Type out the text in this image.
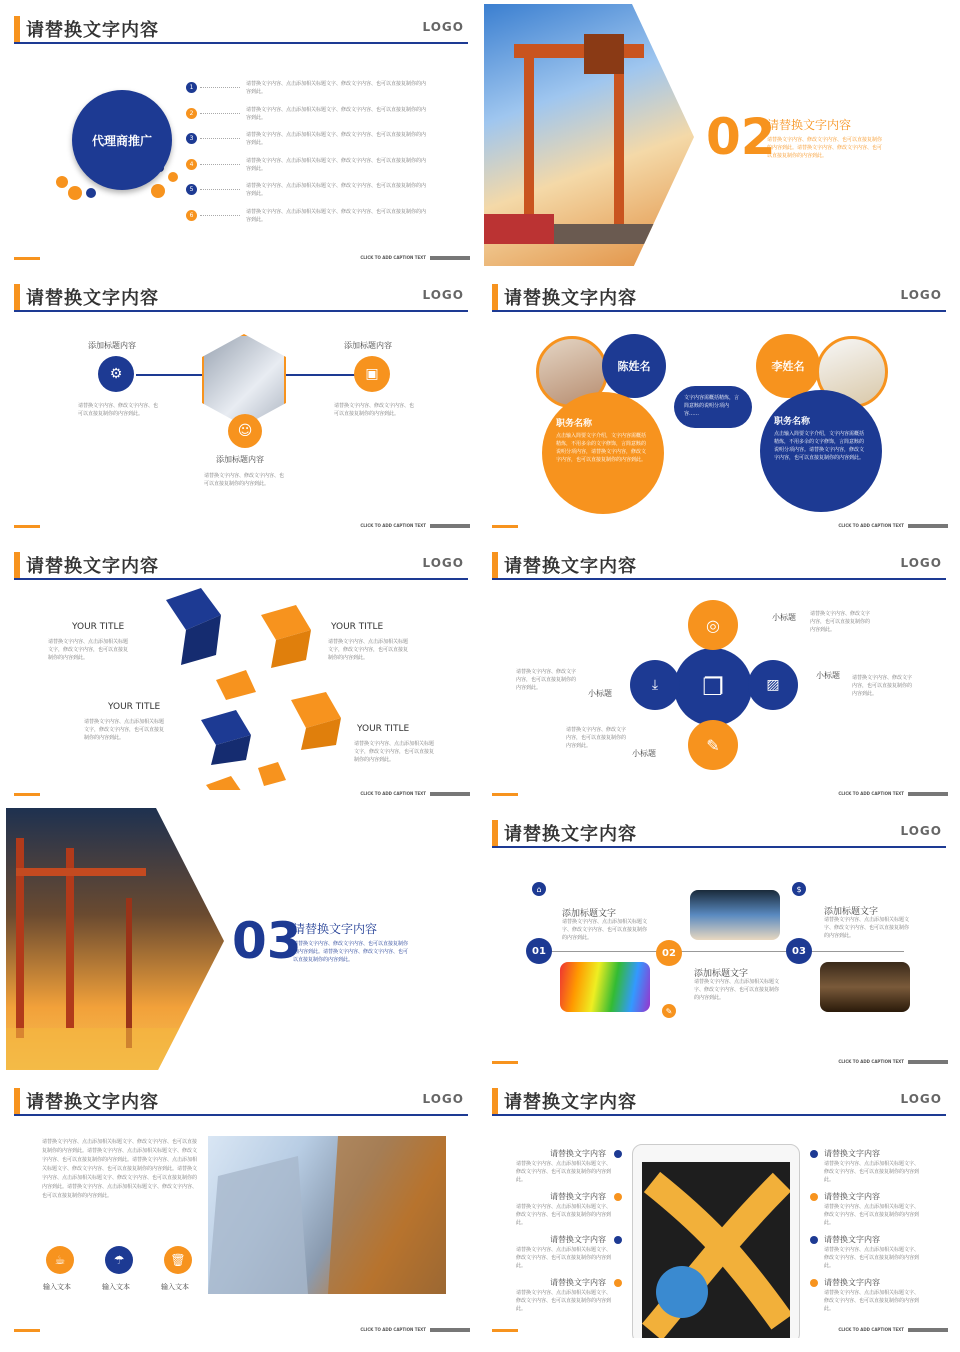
请替换文字内容	LOGO
代理商推广
1	请替换文字内容、点击添加相关标题文字、修改文字内容、也可以直接复制你的内容到此。
2	请替换文字内容、点击添加相关标题文字、修改文字内容、也可以直接复制你的内容到此。
3	请替换文字内容、点击添加相关标题文字、修改文字内容、也可以直接复制你的内容到此。
4	请替换文字内容、点击添加相关标题文字、修改文字内容、也可以直接复制你的内容到此。
5	请替换文字内容、点击添加相关标题文字、修改文字内容、也可以直接复制你的内容到此。
6	请替换文字内容、点击添加相关标题文字、修改文字内容、也可以直接复制你的内容到此。
CLICK TO ADD CAPTION TEXT
02
请替换文字内容
请替换文字内容、修改文字内容、也可以直接复制你的内容到此。请替换文字内容、修改文字内容、也可以直接复制你的内容到此。
请替换文字内容	LOGO
添加标题内容
⚙
请替换文字内容、修改文字内容、也可以直接复制你的内容到此。
添加标题内容
▣
请替换文字内容、修改文字内容、也可以直接复制你的内容到此。
☺
添加标题内容
请替换文字内容、修改文字内容、也可以直接复制你的内容到此。
CLICK TO ADD CAPTION TEXT
请替换文字内容	LOGO
陈姓名
职务名称
点击输入简要文字介绍，文字内容需概括精炼，不用多余的文字修饰，言简意赅的说明分项内容，请替换文字内容，修改文字内容，也可以直接复制你的内容到此。
文字内容需概括精炼，言简意赅的说明分项内容……
李姓名
职务名称
点击输入简要文字介绍，文字内容需概括精炼，不用多余的文字修饰，言简意赅的说明分项内容。请替换文字内容，修改文字内容，也可以直接复制你的内容到此。
CLICK TO ADD CAPTION TEXT
请替换文字内容	LOGO
YOUR TITLE
请替换文字内容、点击添加相关标题文字，修改文字内容，也可以直接复制你的内容到此。
YOUR TITLE
请替换文字内容、点击添加相关标题文字，修改文字内容，也可以直接复制你的内容到此。
YOUR TITLE
请替换文字内容、点击添加相关标题文字，修改文字内容，也可以直接复制你的内容到此。
YOUR TITLE
请替换文字内容、点击添加相关标题文字，修改文字内容，也可以直接复制你的内容到此。
CLICK TO ADD CAPTION TEXT
请替换文字内容	LOGO
❐
◎
⤓	▨
✎
小标题	请替换文字内容、修改文字内容，也可以直接复制你的内容到此。
小标题 请替换文字内容、修改文字内容，也可以直接复制你的内容到此。
小标题
请替换文字内容、修改文字内容，也可以直接复制你的内容到此。
小标题
请替换文字内容、修改文字内容，也可以直接复制你的内容到此。
CLICK TO ADD CAPTION TEXT
03
请替换文字内容
请替换文字内容、修改文字内容、也可以直接复制你的内容到此。请替换文字内容、修改文字内容、也可以直接复制你的内容到此。
请替换文字内容	LOGO
01	02	03
⌂	$
✎
添加标题文字
请替换文字内容、点击添加相关标题文字、修改文字内容、也可以直接复制你的内容到此。
添加标题文字
请替换文字内容、点击添加相关标题文字、修改文字内容、也可以直接复制你的内容到此。
添加标题文字
请替换文字内容、点击添加相关标题文字、修改文字内容、也可以直接复制你的内容到此。
CLICK TO ADD CAPTION TEXT
请替换文字内容	LOGO
请替换文字内容、点击添加相关标题文字、修改文字内容、也可以直接复制你的内容到此。请替换文字内容、点击添加相关标题文字、修改文字内容、也可以直接复制你的内容到此。请替换文字内容、点击添加相关标题文字、修改文字内容、也可以直接复制你的内容到此。请替换文字内容、点击添加相关标题文字、修改文字内容、也可以直接复制你的内容到此。请替换文字内容、点击添加相关标题文字、修改文字内容、也可以直接复制你的内容到此。
☕	☂	🗑
输入文本	输入文本	输入文本
CLICK TO ADD CAPTION TEXT
请替换文字内容	LOGO
请替换文字内容
请替换文字内容、点击添加相关标题文字、修改文字内容、也可以直接复制你的内容到此。
请替换文字内容
请替换文字内容、点击添加相关标题文字、修改文字内容、也可以直接复制你的内容到此。
请替换文字内容
请替换文字内容、点击添加相关标题文字、修改文字内容、也可以直接复制你的内容到此。
请替换文字内容
请替换文字内容、点击添加相关标题文字、修改文字内容、也可以直接复制你的内容到此。
请替换文字内容
请替换文字内容、点击添加相关标题文字、修改文字内容、也可以直接复制你的内容到此。
请替换文字内容
请替换文字内容、点击添加相关标题文字、修改文字内容、也可以直接复制你的内容到此。
请替换文字内容
请替换文字内容、点击添加相关标题文字、修改文字内容、也可以直接复制你的内容到此。
请替换文字内容
请替换文字内容、点击添加相关标题文字、修改文字内容、也可以直接复制你的内容到此。
CLICK TO ADD CAPTION TEXT
